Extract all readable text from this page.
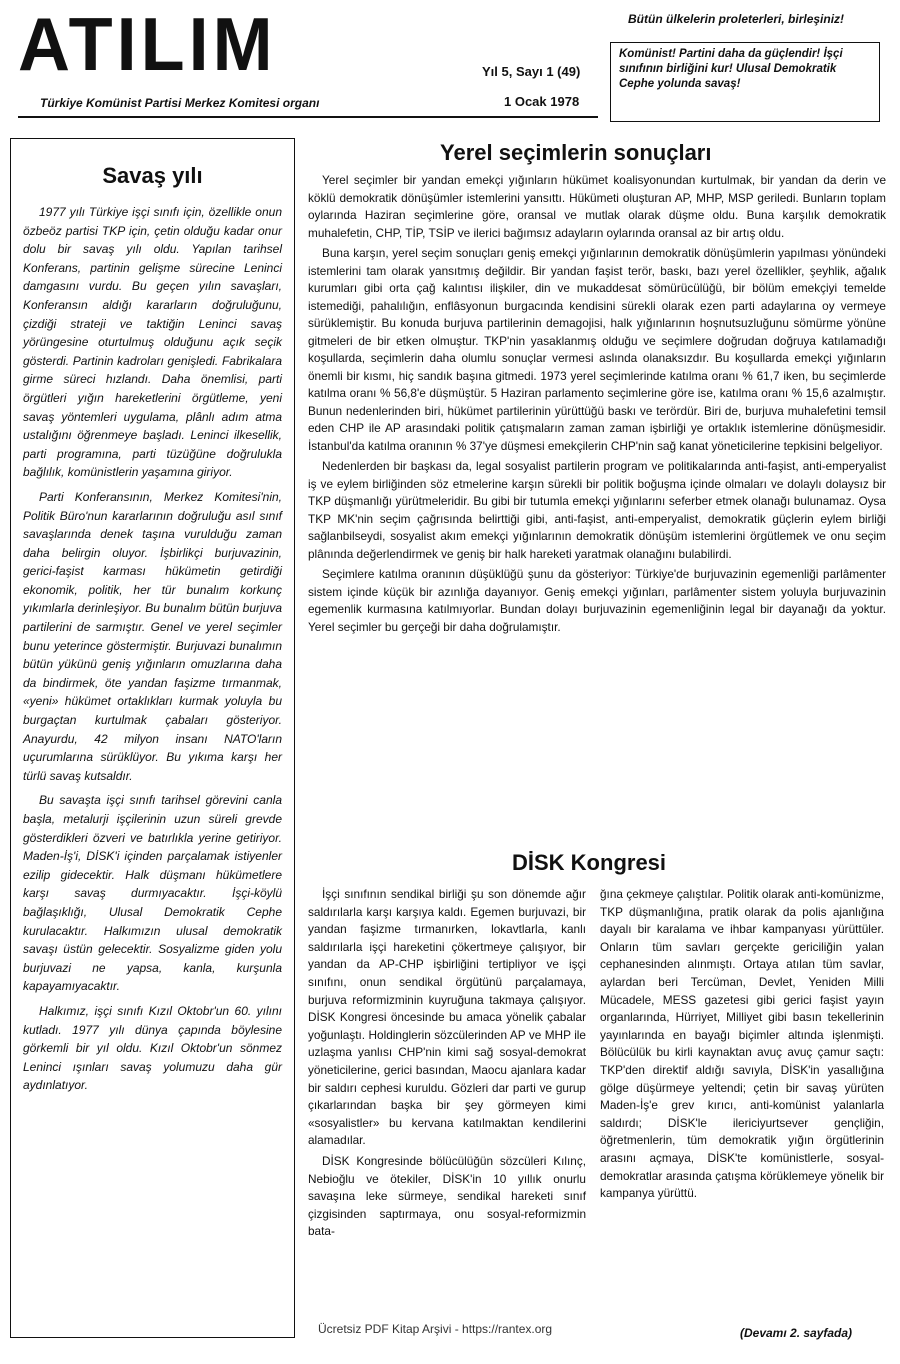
ATILIM	Yıl 5, Sayı 1 (49)
1 Ocak 1978
Türkiye Komünist Partisi Merkez Komitesi organı
Bütün ülkelerin proleterleri, birleşiniz!
Komünist! Partini daha da güçlendir! İşçi sınıfının birliğini kur! Ulusal Demokratik Cephe yolunda savaş!
Savaş yılı

1977 yılı Türkiye işçi sınıfı için, özellikle onun özbeöz partisi TKP için, çetin olduğu kadar onur dolu bir savaş yılı oldu. Yapılan tarihsel Konferans, partinin gelişme sürecine Leninci damgasını vurdu. Bu geçen yılın savaşları, Konferansın aldığı kararların doğruluğunu, çizdiği strateji ve taktiğin Leninci savaş yörüngesine oturtulmuş olduğunu açık seçik gösterdi. Partinin kadroları genişledi. Fabrikalara girme süreci hızlandı. Daha önemlisi, parti örgütleri yığın hareketlerini örgütleme, yeni savaş yöntemleri uygulama, plânlı adım atma ustalığını öğrenmeye başladı. Leninci ilkesellik, parti programına, parti tüzüğüne doğrulukla bağlılık, komünistlerin yaşamına giriyor.

Parti Konferansının, Merkez Komitesi'nin, Politik Büro'nun kararlarının doğruluğu asıl sınıf savaşlarında denek taşına vurulduğu zaman daha belirgin oluyor. İşbirlikçi burjuvazinin, gerici-faşist karması hükümetin getirdiği ekonomik, politik, her tür bunalım korkunç yıkımlarla derinleşiyor. Bu bunalım bütün burjuva partilerini de sarmıştır. Genel ve yerel seçimler bunu yeterince göstermiştir. Burjuvazi bunalımın bütün yükünü geniş yığınların omuzlarına daha da bindirmek, öte yandan faşizme tırmanmak, «yeni» hükümet ortaklıkları kurmak yoluyla bu burgaçtan kurtulmak çabaları gösteriyor. Anayurdu, 42 milyon insanı NATO'ların uçurumlarına sürüklüyor. Bu yıkıma karşı her türlü savaş kutsaldır.

Bu savaşta işçi sınıfı tarihsel görevini canla başla, metalurji işçilerinin uzun süreli grevde gösterdikleri özveri ve batırlıkla yerine getiriyor. Maden-İş'i, DİSK'i içinden parçalamak istiyenler ezilip gidecektir. Halk düşmanı hükümetlere karşı savaş durmıyacaktır. İşçi-köylü bağlaşıklığı, Ulusal Demokratik Cephe kurulacaktır. Halkımızın ulusal demokratik savaşı üstün gelecektir. Sosyalizme giden yolu burjuvazi ne yapsa, kanla, kurşunla kapayamıyacaktır.

Halkımız, işçi sınıfı Kızıl Oktobr'un 60. yılını kutladı. 1977 yılı dünya çapında böylesine görkemli bir yıl oldu. Kızıl Oktobr'un sönmez Leninci ışınları savaş yolumuzu daha gür aydınlatıyor.

Yerel seçimlerin sonuçları

Yerel seçimler bir yandan emekçi yığınların hükümet koalisyonundan kurtulmak, bir yandan da derin ve köklü demokratik dönüşümler istemlerini yansıttı. Hükümeti oluşturan AP, MHP, MSP geriledi. Bunların toplam oylarında Haziran seçimlerine göre, oransal ve mutlak olarak düşme oldu. Buna karşılık demokratik muhalefetin, CHP, TİP, TSİP ve ilerici bağımsız adayların oylarında oransal az bir artış oldu.

Buna karşın, yerel seçim sonuçları geniş emekçi yığınlarının demokratik dönüşümlerin yapılması yönündeki istemlerini tam olarak yansıtmış değildir. Bir yandan faşist terör, baskı, bazı yerel özellikler, şeyhlik, ağalık kurumları gibi orta çağ kalıntısı ilişkiler, din ve mukaddesat sömürücülüğü, bir bölüm emekçiyi temelde istemediği, pahalılığın, enflâsyonun burgacında kendisini sürekli olarak ezen parti adaylarına oy vermeye sürüklemiştir. Bu konuda burjuva partilerinin demagojisi, halk yığınlarının hoşnutsuzluğunu sömürme yönüne gitmeleri de bir etken olmuştur. TKP'nin yasaklanmış olduğu ve seçimlere doğrudan doğruya katılamadığı koşullarda, seçimlerin daha olumlu sonuçlar vermesi aslında olanaksızdır. Bu koşullarda emekçi yığınların önemli bir kısmı, hiç sandık başına gitmedi. 1973 yerel seçimlerinde katılma oranı % 61,7 iken, bu seçimlerde katılma oranı % 56,8'e düşmüştür. 5 Haziran parlamento seçimlerine göre ise, katılma oranı % 15,6 azalmıştır. Bunun nedenlerinden biri, hükümet partilerinin yürüttüğü baskı ve terördür. Biri de, burjuva muhalefetini temsil eden CHP ile AP arasındaki politik çatışmaların zaman zaman işbirliği ye ortaklık istemlerine dönüşmesidir. İstanbul'da katılma oranının % 37'ye düşmesi emekçilerin CHP'nin sağ kanat yöneticilerine tepkisini belgeliyor.

Nedenlerden bir başkası da, legal sosyalist partilerin program ve politikalarında anti-faşist, anti-emperyalist iş ve eylem birliğinden söz etmelerine karşın sürekli bir politik boğuşma içinde olmaları ve dolaylı dolaysız bir TKP düşmanlığı yürütmeleridir. Bu gibi bir tutumla emekçi yığınlarını seferber etmek olanağı bulunamaz. Oysa TKP MK'nin seçim çağrısında belirttiği gibi, anti-faşist, anti-emperyalist, demokratik güçlerin eylem birliği sağlanbilseydi, sosyalist akım emekçi yığınlarının demokratik dönüşüm istemlerini örgütlemek ve onu seçim plânında değerlendirmek ve geniş bir halk hareketi yaratmak olanağını bulabilirdi.

Seçimlere katılma oranının düşüklüğü şunu da gösteriyor: Türkiye'de burjuvazinin egemenliği parlâmenter sistem içinde küçük bir azınlığa dayanıyor. Geniş emekçi yığınları, parlâmenter sistem yoluyla burjuvazinin egemenlik kurmasına katılmıyorlar. Bundan dolayı burjuvazinin egemenliğinin legal bir dayanağı da yoktur. Yerel seçimler bu gerçeği bir daha doğrulamıştır.

DİSK Kongresi

İşçi sınıfının sendikal birliği şu son dönemde ağır saldırılarla karşı karşıya kaldı. Egemen burjuvazi, bir yandan faşizme tırmanırken, lokavtlarla, kanlı saldırılarla işçi hareketini çökertmeye çalışıyor, bir yandan da AP-CHP işbirliğini tertipliyor ve işçi sınıfını, onun sendikal örgütünü parçalamaya, burjuva reformizminin kuyruğuna takmaya çalışıyor. DİSK Kongresi öncesinde bu amaca yönelik çabalar yoğunlaştı. Holdinglerin sözcülerinden AP ve MHP ile uzlaşma yanlısı CHP'nin kimi sağ sosyal-demokrat yöneticilerine, gerici basından, Maocu ajanlara kadar bir saldırı cephesi kuruldu. Gözleri dar parti ve gurup çıkarlarından başka bir şey görmeyen kimi «sosyalistler» bu kervana katılmaktan kendilerini alamadılar.

DİSK Kongresinde bölücülüğün sözcüleri Kılınç, Nebioğlu ve ötekiler, DİSK'in 10 yıllık onurlu savaşına leke sürmeye, sendikal hareketi sınıf çizgisinden saptırmaya, onu sosyal-reformizmin bata-

ğına çekmeye çalıştılar. Politik olarak anti-komünizme, TKP düşmanlığına, pratik olarak da polis ajanlığına dayalı bir karalama ve ihbar kampanyası yürüttüler. Onların tüm savları gerçekte gericiliğin yalan cephanesinden alınmıştı. Ortaya atılan tüm savlar, aylardan beri Tercüman, Devlet, Yeniden Milli Mücadele, MESS gazetesi gibi gerici faşist yayın organlarında, Hürriyet, Milliyet gibi basın tekellerinin yayınlarında en bayağı biçimler altında işlenmişti. Bölücülük bu kirli kaynaktan avuç avuç çamur saçtı: TKP'den direktif aldığı savıyla, DİSK'in yasallığına gölge düşürmeye yeltendi; çetin bir savaş yürüten Maden-İş'e grev kırıcı, anti-komünist yalanlarla saldırdı; DİSK'le ilericiyurtsever gençliğin, öğretmenlerin, tüm demokratik yığın örgütlerinin arasını açmaya, DİSK'te komünistlerle, sosyal-demokratlar arasında çatışma körüklemeye yönelik bir kampanya yürüttü.

(Devamı 2. sayfada)
Ücretsiz PDF Kitap Arşivi - https://rantex.org
